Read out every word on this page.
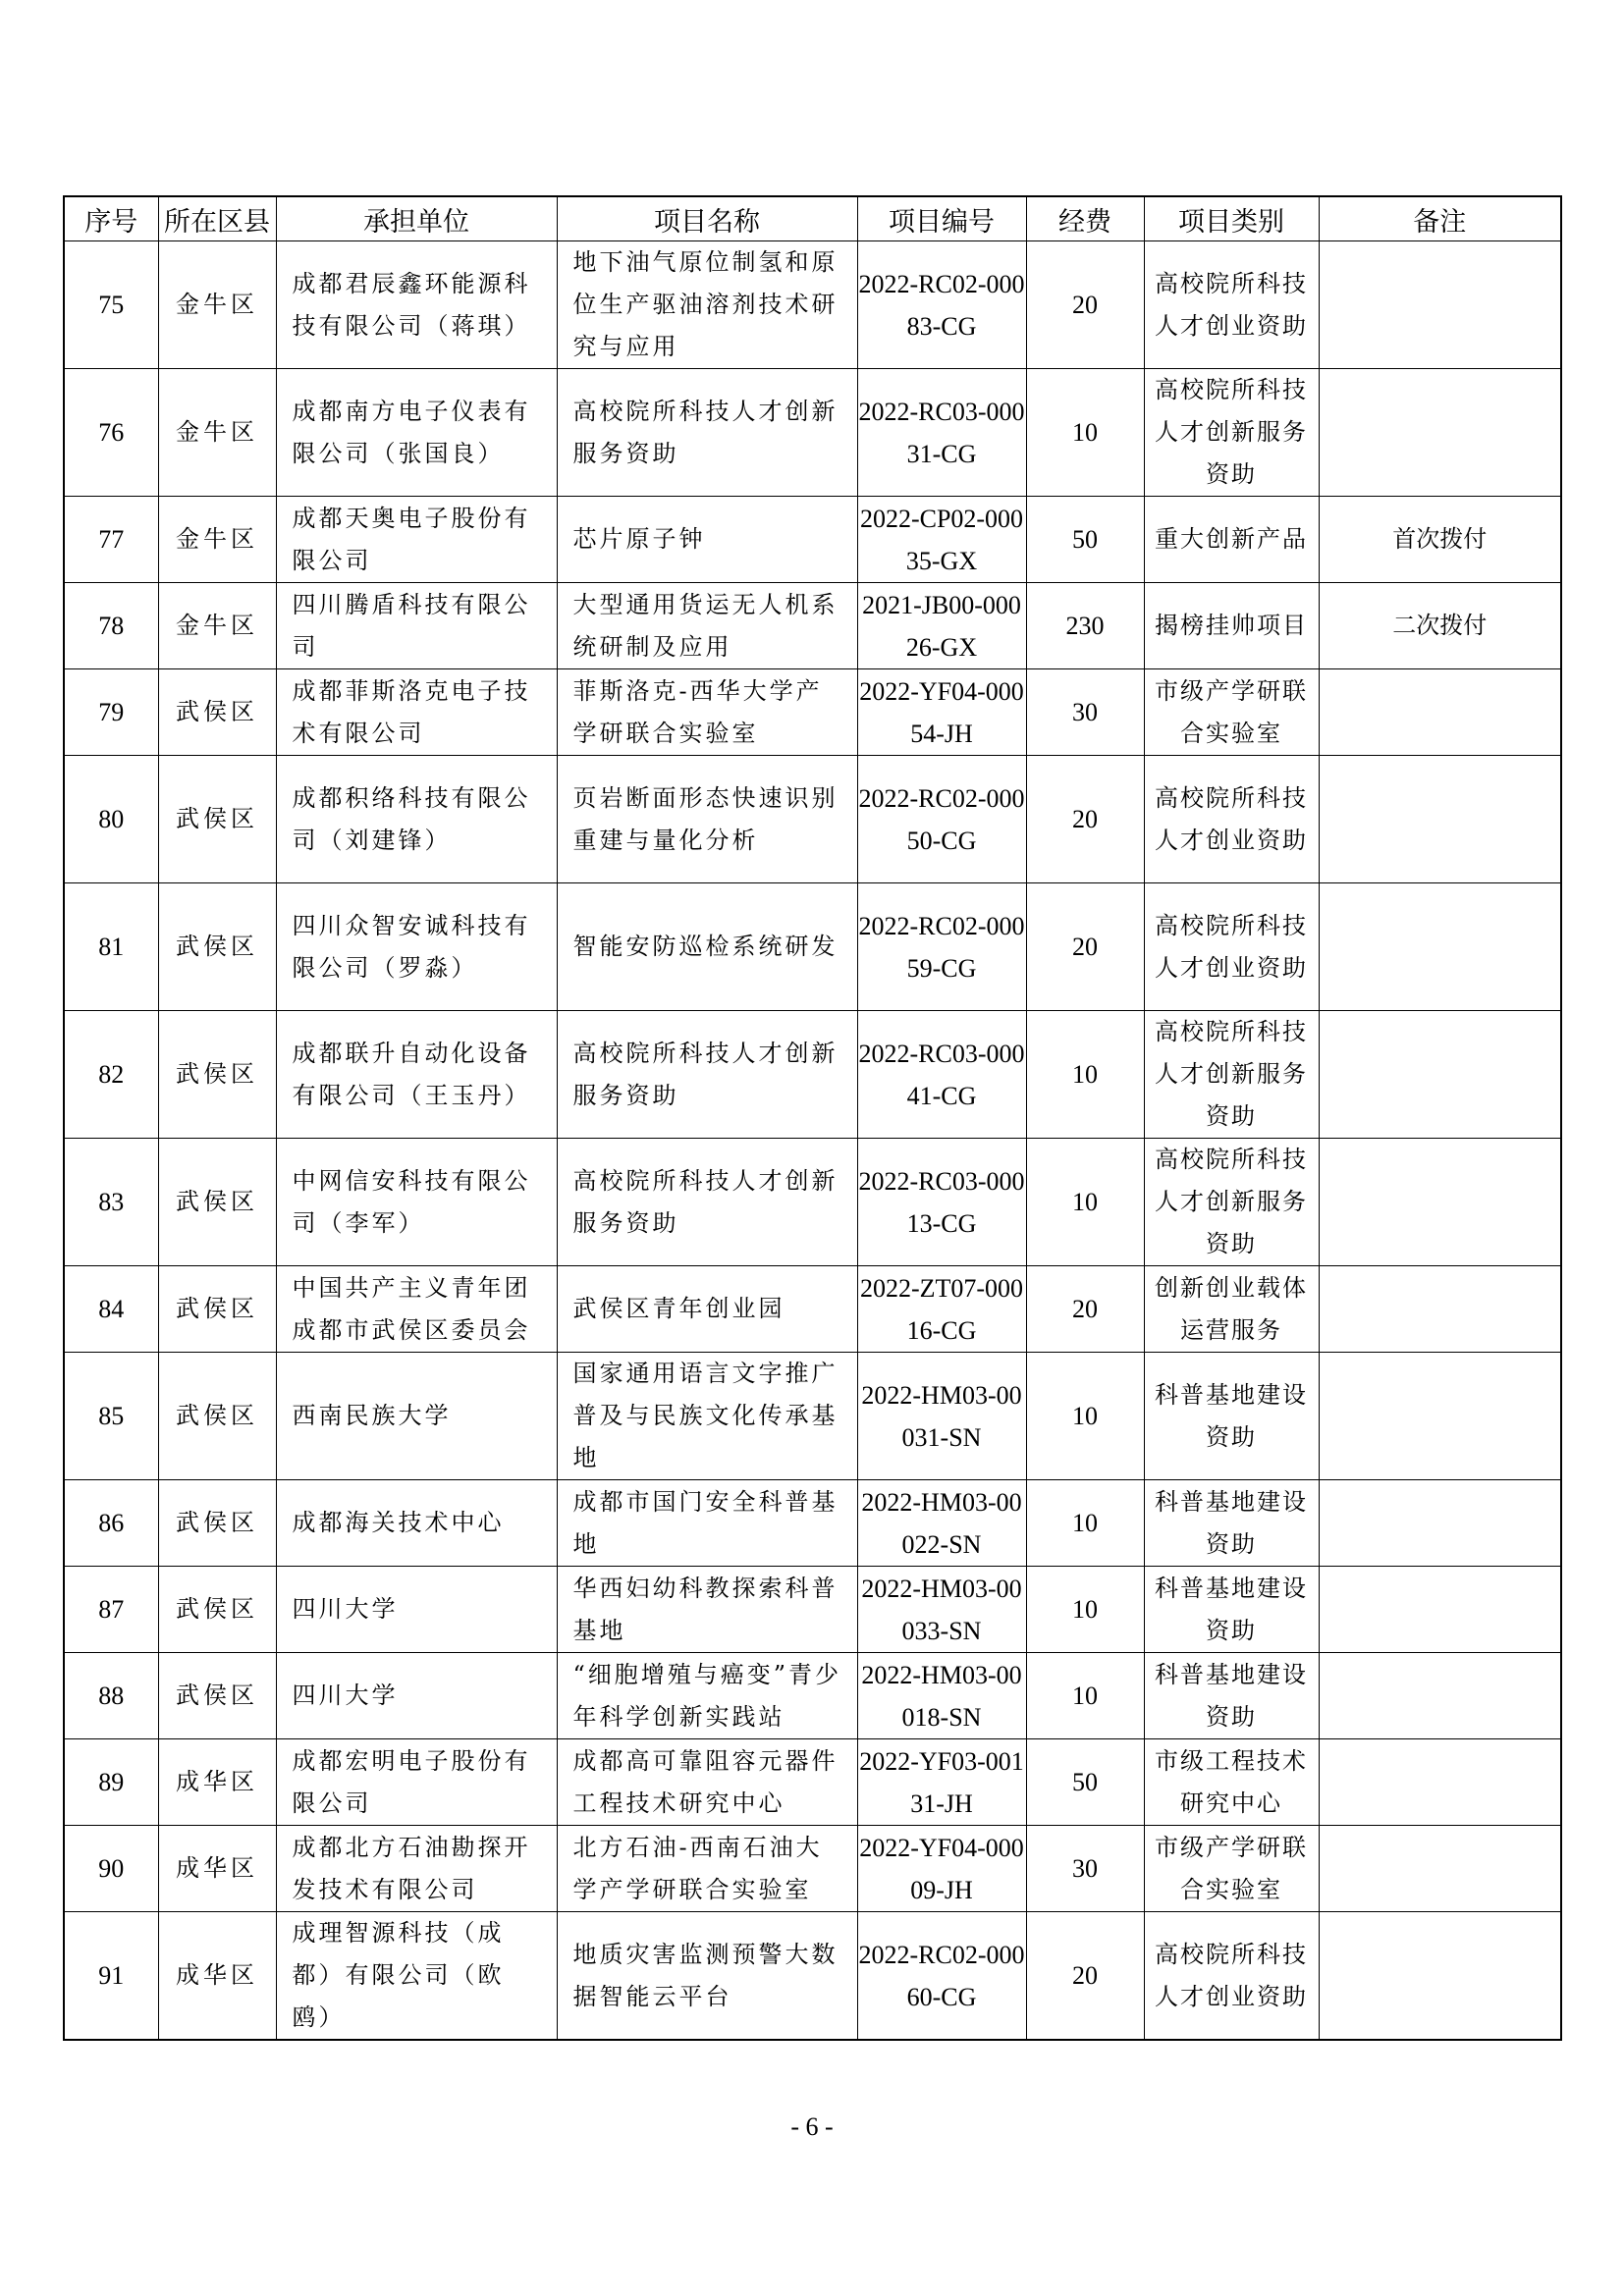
序号	所在区县	承担单位	项目名称	项目编号	经费	项目类别	备注
75	金牛区	成都君辰鑫环能源科技有限公司（蒋琪）	地下油气原位制氢和原位生产驱油溶剂技术研究与应用	2022-RC02-00083-CG	20	高校院所科技人才创业资助	
76	金牛区	成都南方电子仪表有限公司（张国良）	高校院所科技人才创新服务资助	2022-RC03-00031-CG	10	高校院所科技人才创新服务资助	
77	金牛区	成都天奥电子股份有限公司	芯片原子钟	2022-CP02-00035-GX	50	重大创新产品	首次拨付
78	金牛区	四川腾盾科技有限公司	大型通用货运无人机系统研制及应用	2021-JB00-00026-GX	230	揭榜挂帅项目	二次拨付
79	武侯区	成都菲斯洛克电子技术有限公司	菲斯洛克-西华大学产学研联合实验室	2022-YF04-00054-JH	30	市级产学研联合实验室	
80	武侯区	成都积络科技有限公司（刘建锋）	页岩断面形态快速识别重建与量化分析	2022-RC02-00050-CG	20	高校院所科技人才创业资助	
81	武侯区	四川众智安诚科技有限公司（罗淼）	智能安防巡检系统研发	2022-RC02-00059-CG	20	高校院所科技人才创业资助	
82	武侯区	成都联升自动化设备有限公司（王玉丹）	高校院所科技人才创新服务资助	2022-RC03-00041-CG	10	高校院所科技人才创新服务资助	
83	武侯区	中网信安科技有限公司（李军）	高校院所科技人才创新服务资助	2022-RC03-00013-CG	10	高校院所科技人才创新服务资助	
84	武侯区	中国共产主义青年团成都市武侯区委员会	武侯区青年创业园	2022-ZT07-00016-CG	20	创新创业载体运营服务	
85	武侯区	西南民族大学	国家通用语言文字推广普及与民族文化传承基地	2022-HM03-00031-SN	10	科普基地建设资助	
86	武侯区	成都海关技术中心	成都市国门安全科普基地	2022-HM03-00022-SN	10	科普基地建设资助	
87	武侯区	四川大学	华西妇幼科教探索科普基地	2022-HM03-00033-SN	10	科普基地建设资助	
88	武侯区	四川大学	“细胞增殖与癌变”青少年科学创新实践站	2022-HM03-00018-SN	10	科普基地建设资助	
89	成华区	成都宏明电子股份有限公司	成都高可靠阻容元器件工程技术研究中心	2022-YF03-00131-JH	50	市级工程技术研究中心	
90	成华区	成都北方石油勘探开发技术有限公司	北方石油-西南石油大学产学研联合实验室	2022-YF04-00009-JH	30	市级产学研联合实验室	
91	成华区	成理智源科技（成都）有限公司（欧鸥）	地质灾害监测预警大数据智能云平台	2022-RC02-00060-CG	20	高校院所科技人才创业资助	
- 6 -
